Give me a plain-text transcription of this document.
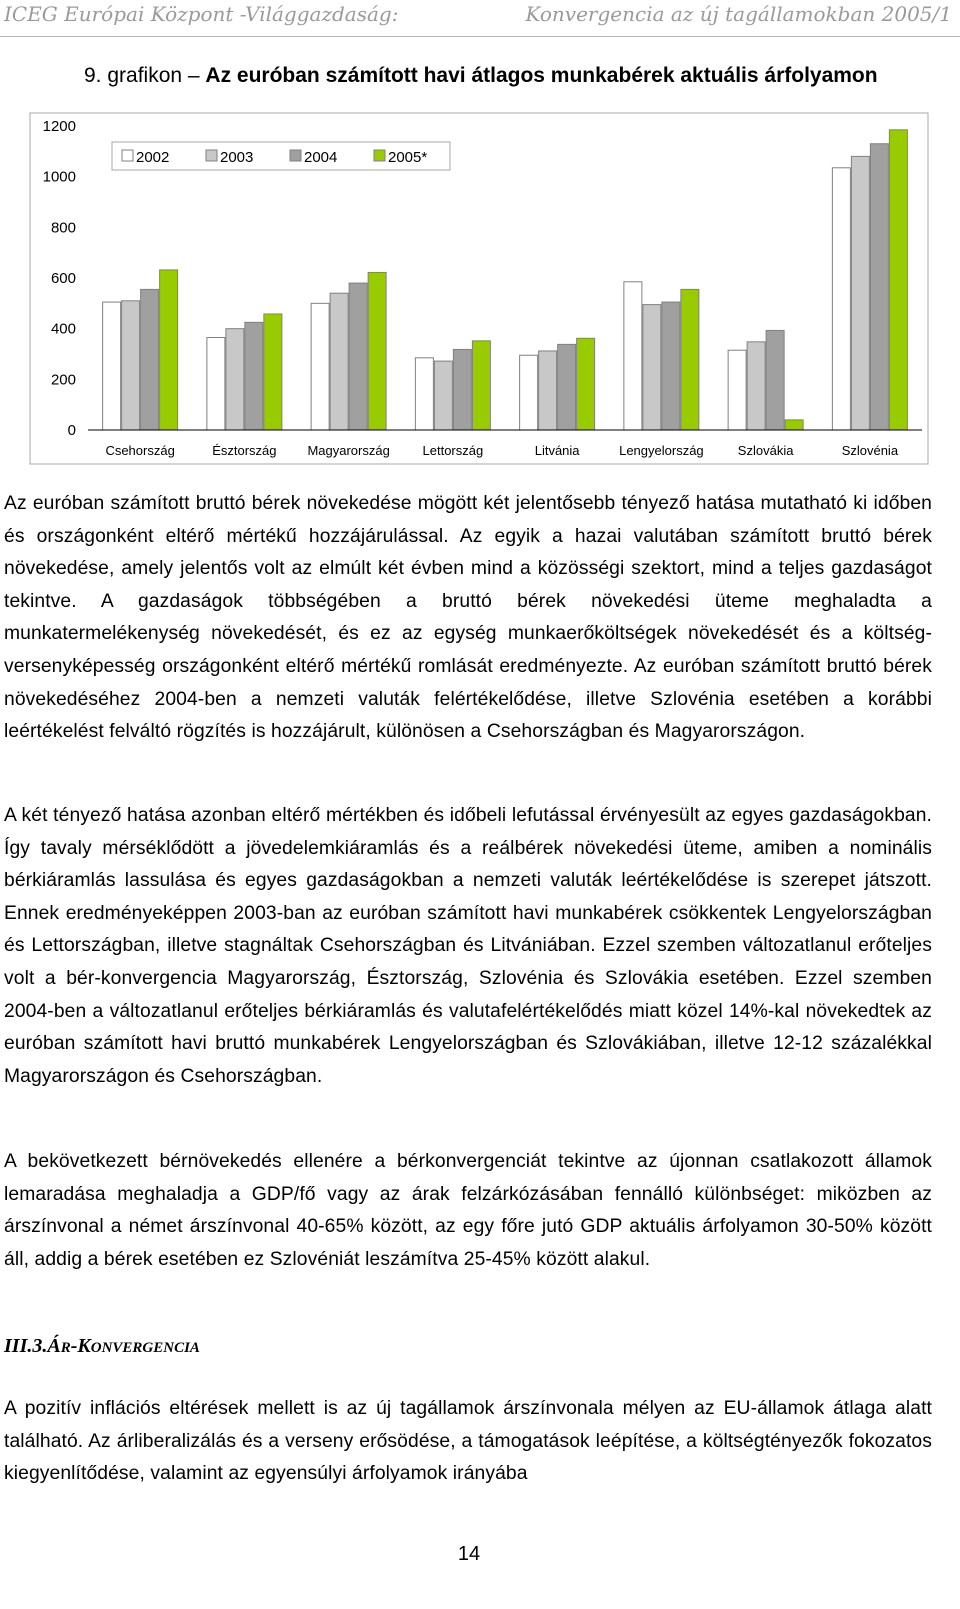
ICEG Európai Központ -Világgazdaság:	Konvergencia az új tagállamokban 2005/1
9. grafikon – Az euróban számított havi átlagos munkabérek aktuális árfolyamon
0
200
400
600
800
1000
1200
Csehország	Észtország Magyarország	Lettország	Litvánia	Lengyelország	Szlovákia	Szlovénia
2002	2003	2004	2005*
Az euróban számított bruttó bérek növekedése mögött két jelentősebb tényező hatása mutatható ki időben és országonként eltérő mértékű hozzájárulással. Az egyik a hazai valutában számított bruttó bérek növekedése, amely jelentős volt az elmúlt két évben mind a közösségi szektort, mind a teljes gazdaságot tekintve. A gazdaságok többségében a bruttó bérek növekedési üteme meghaladta a munkatermelékenység növekedését, és ez az egység munkaerőköltségek növekedését és a költség-versenyképesség országonként eltérő mértékű romlását eredményezte. Az euróban számított bruttó bérek növekedéséhez 2004-ben a nemzeti valuták felértékelődése, illetve Szlovénia esetében a korábbi leértékelést felváltó rögzítés is hozzájárult, különösen a Csehországban és Magyarországon.
A két tényező hatása azonban eltérő mértékben és időbeli lefutással érvényesült az egyes gazdaságokban. Így tavaly mérséklődött a jövedelemkiáramlás és a reálbérek növekedési üteme, amiben a nominális bérkiáramlás lassulása és egyes gazdaságokban a nemzeti valuták leértékelődése is szerepet játszott. Ennek eredményeképpen 2003-ban az euróban számított havi munkabérek csökkentek Lengyelországban és Lettországban, illetve stagnáltak Csehországban és Litvániában. Ezzel szemben változatlanul erőteljes volt a bér-konvergencia Magyarország, Észtország, Szlovénia és Szlovákia esetében. Ezzel szemben 2004-ben a változatlanul erőteljes bérkiáramlás és valutafelértékelődés miatt közel 14%-kal növekedtek az euróban számított havi bruttó munkabérek Lengyelországban és Szlovákiában, illetve 12-12 százalékkal Magyarországon és Csehországban.
A bekövetkezett bérnövekedés ellenére a bérkonvergenciát tekintve az újonnan csatlakozott államok lemaradása meghaladja a GDP/fő vagy az árak felzárkózásában fennálló különbséget: miközben az árszínvonal a német árszínvonal 40-65% között, az egy főre jutó GDP aktuális árfolyamon 30-50% között áll, addig a bérek esetében ez Szlovéniát leszámítva 25-45% között alakul.
III.3.ÁR-KONVERGENCIA
A pozitív inflációs eltérések mellett is az új tagállamok árszínvonala mélyen az EU-államok átlaga alatt található. Az árliberalizálás és a verseny erősödése, a támogatások leépítése, a költségtényezők fokozatos kiegyenlítődése, valamint az egyensúlyi árfolyamok irányába
14
